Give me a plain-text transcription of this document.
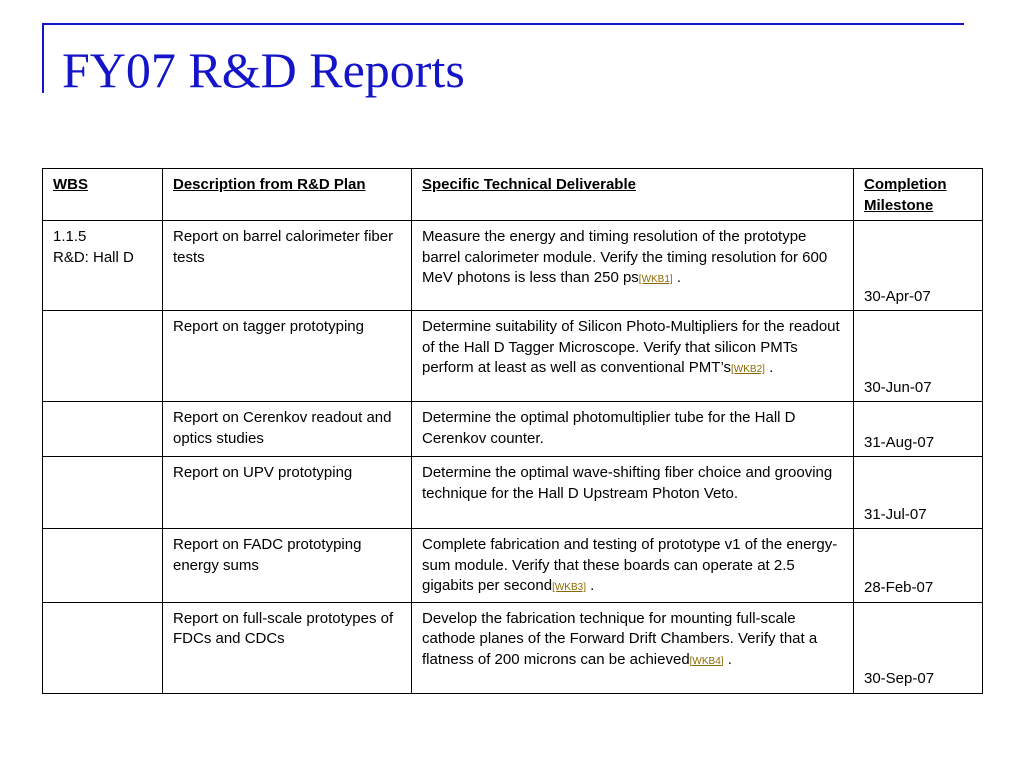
FY07 R&D Reports
WBS	Description from R&D Plan	Specific Technical Deliverable	Completion Milestone

1.1.5
R&D: Hall D	Report on barrel calorimeter fiber tests	Measure the energy and timing resolution of the prototype barrel calorimeter module. Verify the timing resolution for 600 MeV photons is less than 250 ps[WKB1] .	30-Apr-07

	Report on tagger prototyping	Determine suitability of Silicon Photo-Multipliers for the readout of the Hall D Tagger Microscope. Verify that silicon PMTs perform at least as well as conventional PMT’s[WKB2] .	30-Jun-07

	Report on Cerenkov readout and optics studies	Determine the optimal photomultiplier tube for the Hall D Cerenkov counter.	31-Aug-07

	Report on UPV prototyping	Determine the optimal wave-shifting fiber choice and grooving technique for the Hall D Upstream Photon Veto.	31-Jul-07

	Report on FADC prototyping energy sums	Complete fabrication and testing of prototype v1 of the energy-sum module. Verify that these boards can operate at 2.5 gigabits per second[WKB3] .	28-Feb-07

	Report on full-scale prototypes of FDCs and CDCs	Develop the fabrication technique for mounting full-scale cathode planes of the Forward Drift Chambers. Verify that a flatness of 200 microns can be achieved[WKB4] .	30-Sep-07
